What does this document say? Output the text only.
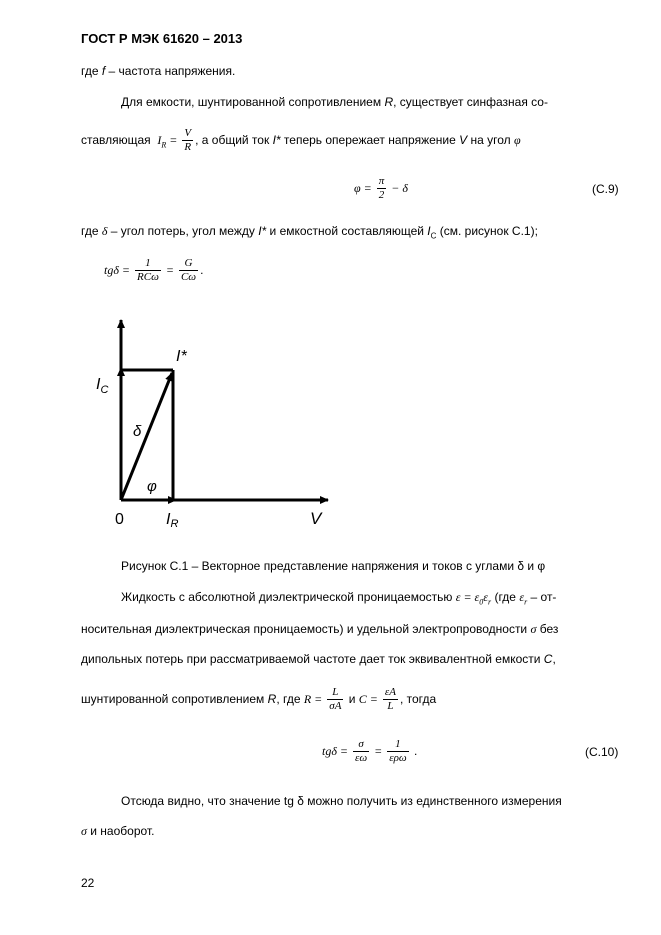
ГОСТ Р МЭК 61620 – 2013
где f – частота напряжения.
Для емкости, шунтированной сопротивлением R, существует синфазная со-
ставляющая $I_R = \frac{V}{R}$ , а общий ток I* теперь опережает напряжение V на угол φ
$\varphi = \frac{\pi}{2} - \delta$	(C.9)
где δ – угол потерь, угол между I* и емкостной составляющей $I_C$ (см. рисунок С.1);
$tg\delta = \frac{1}{\text{RCω}} = \frac{G}{C\omega}$ .
I*
$I_C$
δ
φ
0	IR	V
Рисунок С.1 – Векторное представление напряжения и токов с углами δ и φ
Жидкость с абсолютной диэлектрической проницаемостью $\varepsilon = \varepsilon_0\varepsilon_r$ (где $\varepsilon_r - от-$
носительная диэлектрическая проницаемость) и удельной электропроводности σ без
дипольных потерь при рассматриваемой частоте дает ток эквивалентной емкости C,
шунтированной сопротивлением R, где $R = \frac{L}{\sigma A}$ и $C = \frac{\varepsilon A}{L}$ , тогда
$tg\delta = \frac{\sigma}{\varepsilon\omega} = \frac{1}{\text{ερω}}$ .	(C.10)
Отсюда видно, что значение tg δ можно получить из единственного измерения
σ и наоборот.
22
